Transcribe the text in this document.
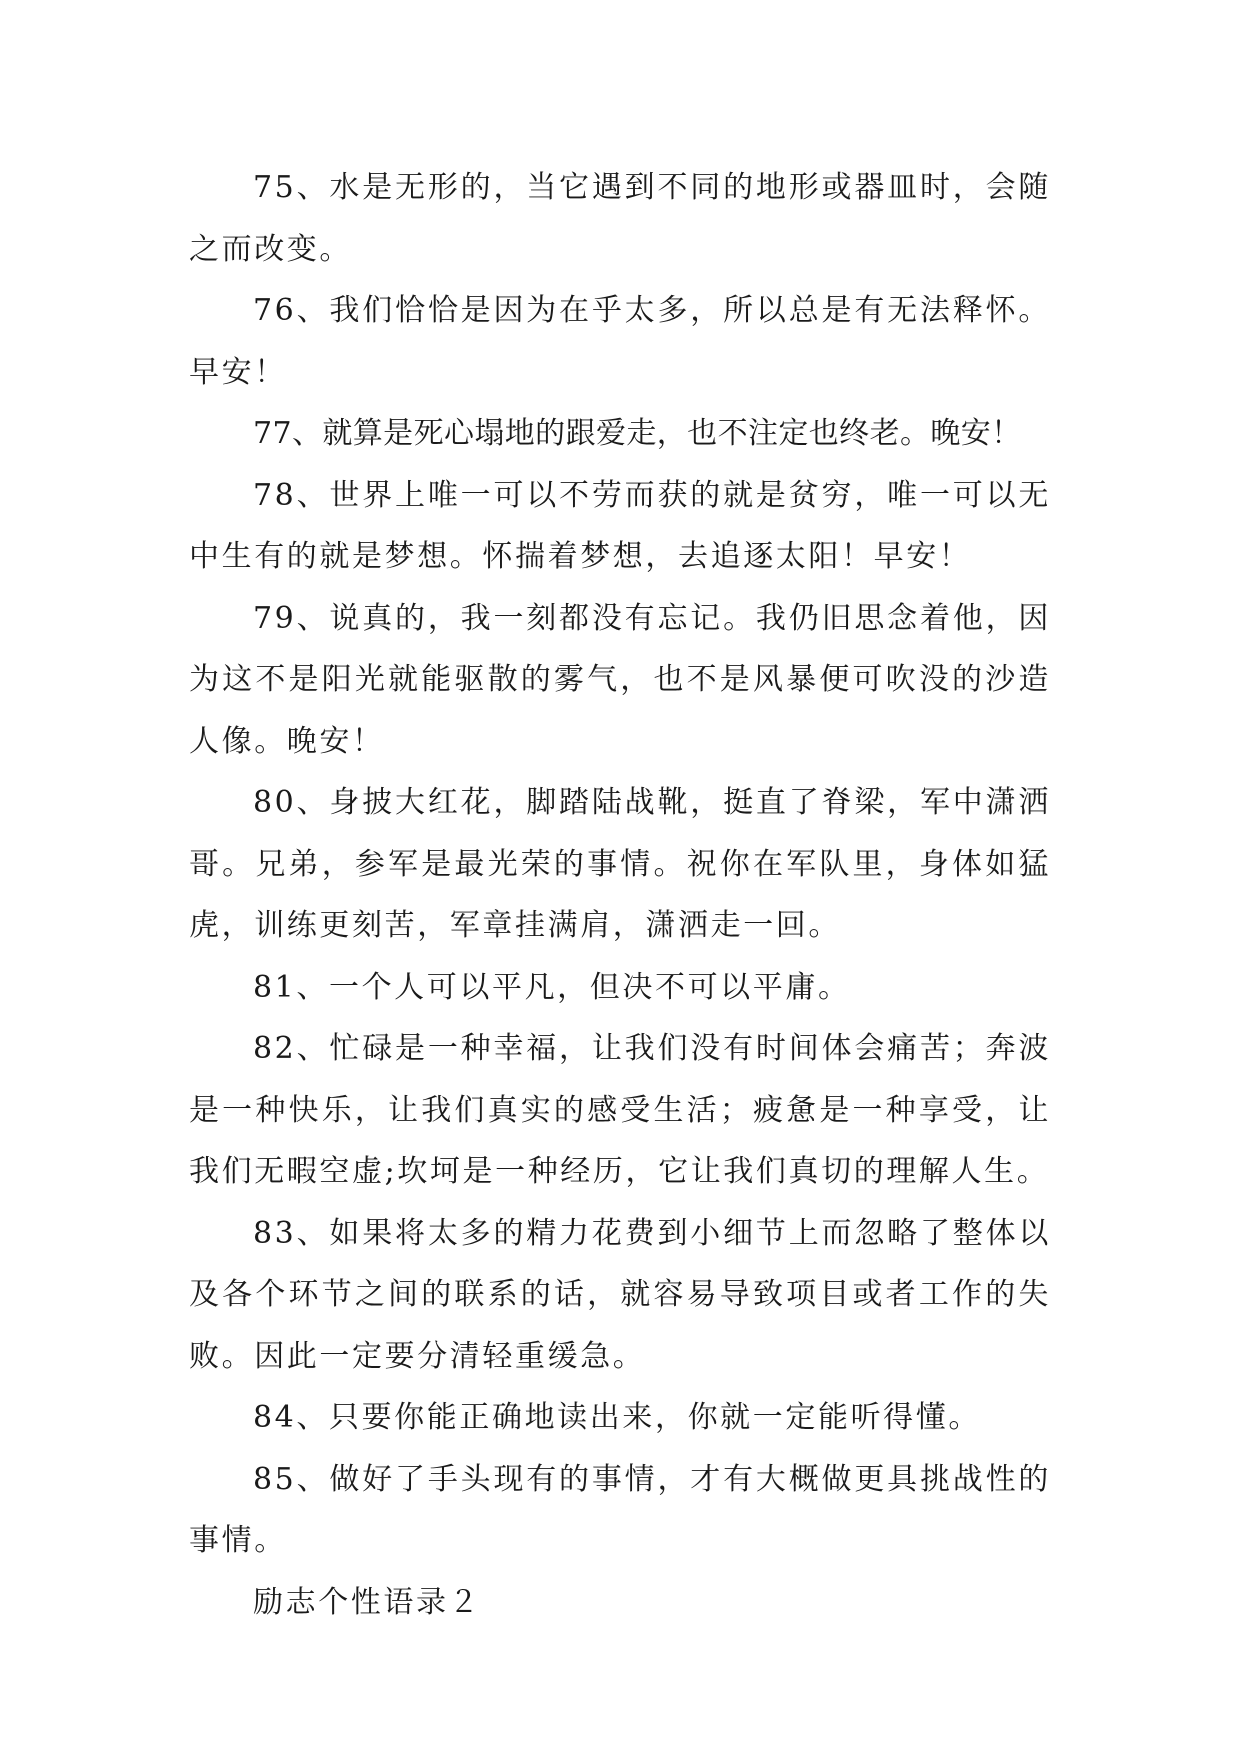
75、水是无形的，当它遇到不同的地形或器皿时，会随之而改变。

76、我们恰恰是因为在乎太多，所以总是有无法释怀。早安！

77、就算是死心塌地的跟爱走，也不注定也终老。晚安！

78、世界上唯一可以不劳而获的就是贫穷，唯一可以无中生有的就是梦想。怀揣着梦想，去追逐太阳！早安！

79、说真的，我一刻都没有忘记。我仍旧思念着他，因为这不是阳光就能驱散的雾气，也不是风暴便可吹没的沙造人像。晚安！

80、身披大红花，脚踏陆战靴，挺直了脊梁，军中潇洒哥。兄弟，参军是最光荣的事情。祝你在军队里，身体如猛虎，训练更刻苦，军章挂满肩，潇洒走一回。

81、一个人可以平凡，但决不可以平庸。

82、忙碌是一种幸福，让我们没有时间体会痛苦；奔波是一种快乐，让我们真实的感受生活；疲惫是一种享受，让我们无暇空虚;坎坷是一种经历，它让我们真切的理解人生。

83、如果将太多的精力花费到小细节上而忽略了整体以及各个环节之间的联系的话，就容易导致项目或者工作的失败。因此一定要分清轻重缓急。

84、只要你能正确地读出来，你就一定能听得懂。

85、做好了手头现有的事情，才有大概做更具挑战性的事情。

励志个性语录２
